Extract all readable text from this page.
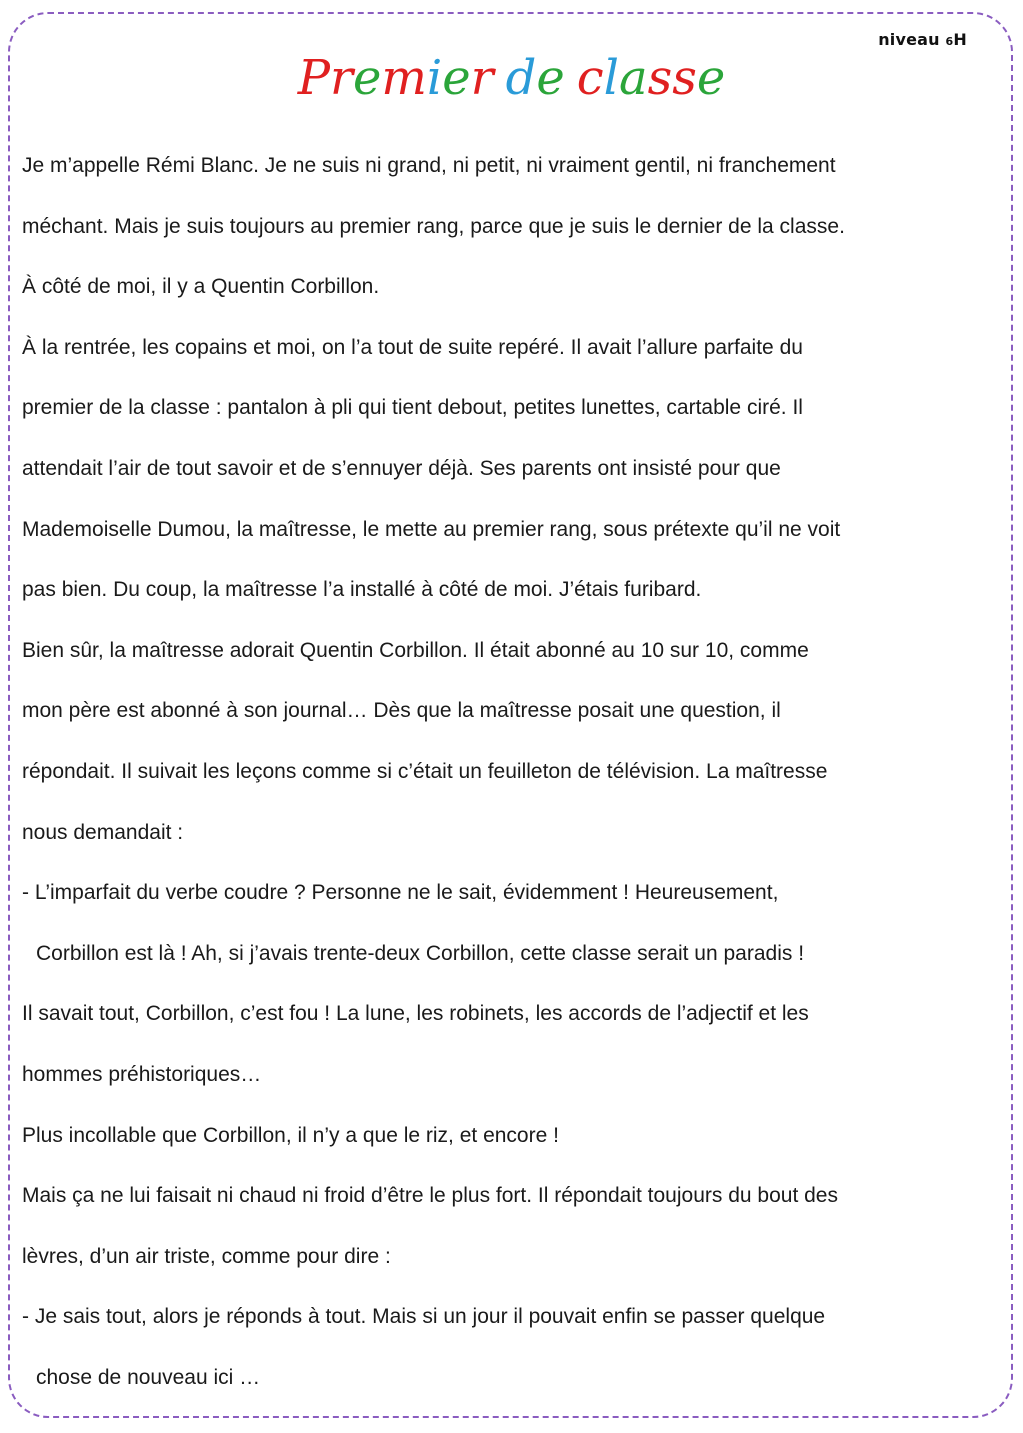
niveau 6H
Premier de classe
Je m’appelle Rémi Blanc. Je ne suis ni grand, ni petit, ni vraiment gentil, ni franchement
méchant. Mais je suis toujours au premier rang, parce que je suis le dernier de la classe.
À côté de moi, il y a Quentin Corbillon.
À la rentrée, les copains et moi, on l’a tout de suite repéré. Il avait l’allure parfaite du
premier de la classe : pantalon à pli qui tient debout, petites lunettes, cartable ciré. Il
attendait l’air de tout savoir et de s’ennuyer déjà. Ses parents ont insisté pour que
Mademoiselle Dumou, la maîtresse, le mette au premier rang, sous prétexte qu’il ne voit
pas bien. Du coup, la maîtresse l’a installé à côté de moi. J’étais furibard.
Bien sûr, la maîtresse adorait Quentin Corbillon. Il était abonné au 10 sur 10, comme
mon père est abonné à son journal… Dès que la maîtresse posait une question, il
répondait. Il suivait les leçons comme si c’était un feuilleton de télévision. La maîtresse
nous demandait :
- L’imparfait du verbe coudre ? Personne ne le sait, évidemment ! Heureusement,
Corbillon est là ! Ah, si j’avais trente-deux Corbillon, cette classe serait un paradis !
Il savait tout, Corbillon, c’est fou ! La lune, les robinets, les accords de l’adjectif et les
hommes préhistoriques…
Plus incollable que Corbillon, il n’y a que le riz, et encore !
Mais ça ne lui faisait ni chaud ni froid d’être le plus fort. Il répondait toujours du bout des
lèvres, d’un air triste, comme pour dire :
- Je sais tout, alors je réponds à tout. Mais si un jour il pouvait enfin se passer quelque
chose de nouveau ici …
